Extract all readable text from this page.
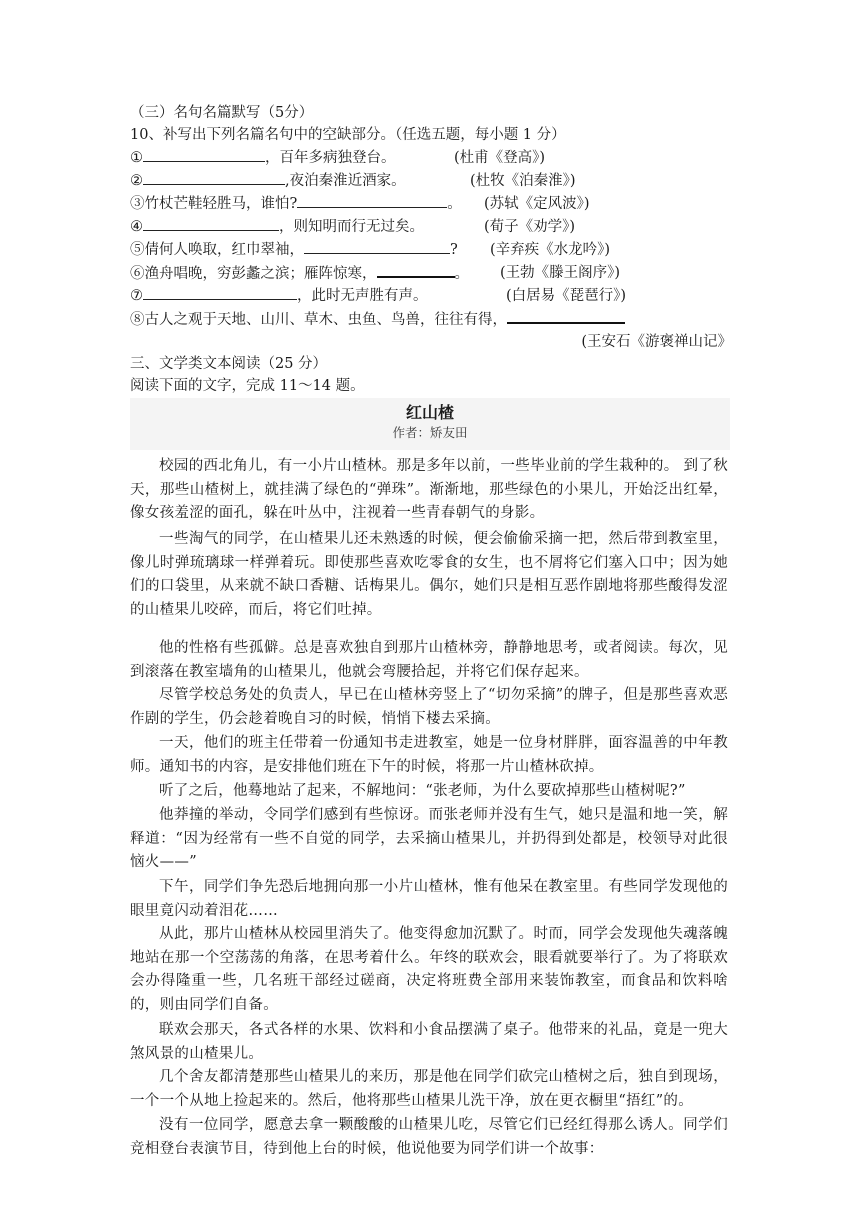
（三）名句名篇默写（5分）
10、补写出下列名篇名句中的空缺部分。（任选五题，每小题 1 分）
①	，百年多病独登台。	(杜甫《登高》)
②	,夜泊秦淮近酒家。	(杜牧《泊秦淮》)
③竹杖芒鞋轻胜马，谁怕?	。 (苏轼《定风波》)
④	，则知明而行无过矣。	(荀子《劝学》)
⑤倩何人唤取，红巾翠袖，	? (辛弃疾《水龙吟》)
⑥渔舟唱晚，穷彭蠡之滨；雁阵惊寒，	。 (王勃《滕王阁序》)
⑦	，此时无声胜有声。	(白居易《琵琶行》)
⑧古人之观于天地、山川、草木、虫鱼、鸟兽，往往有得，
(王安石《游褒禅山记》
三、文学类文本阅读（25 分）
阅读下面的文字，完成 11～14 题。
红山楂
作者：矫友田
校园的西北角儿，有一小片山楂林。那是多年以前，一些毕业前的学生栽种的。 到了秋天，那些山楂树上，就挂满了绿色的“弹珠”。渐渐地，那些绿色的小果儿，开始泛出红晕，像女孩羞涩的面孔，躲在叶丛中，注视着一些青春朝气的身影。
一些淘气的同学，在山楂果儿还未熟透的时候，便会偷偷采摘一把，然后带到教室里，像儿时弹琉璃球一样弹着玩。即使那些喜欢吃零食的女生，也不屑将它们塞入口中；因为她们的口袋里，从来就不缺口香糖、话梅果儿。偶尔，她们只是相互恶作剧地将那些酸得发涩的山楂果儿咬碎，而后，将它们吐掉。
他的性格有些孤僻。总是喜欢独自到那片山楂林旁，静静地思考，或者阅读。每次，见到滚落在教室墙角的山楂果儿，他就会弯腰拾起，并将它们保存起来。
尽管学校总务处的负责人，早已在山楂林旁竖上了“切勿采摘”的牌子，但是那些喜欢恶作剧的学生，仍会趁着晚自习的时候，悄悄下楼去采摘。
一天，他们的班主任带着一份通知书走进教室，她是一位身材胖胖，面容温善的中年教师。通知书的内容，是安排他们班在下午的时候，将那一片山楂林砍掉。
听了之后，他蓦地站了起来，不解地问：“张老师，为什么要砍掉那些山楂树呢?”
他莽撞的举动，令同学们感到有些惊讶。而张老师并没有生气，她只是温和地一笑，解释道：“因为经常有一些不自觉的同学，去采摘山楂果儿，并扔得到处都是，校领导对此很恼火——”
下午，同学们争先恐后地拥向那一小片山楂林，惟有他呆在教室里。有些同学发现他的眼里竟闪动着泪花……
从此，那片山楂林从校园里消失了。他变得愈加沉默了。时而，同学会发现他失魂落魄地站在那一个空荡荡的角落，在思考着什么。年终的联欢会，眼看就要举行了。为了将联欢会办得隆重一些，几名班干部经过磋商，决定将班费全部用来装饰教室，而食品和饮料啥的，则由同学们自备。
联欢会那天，各式各样的水果、饮料和小食品摆满了桌子。他带来的礼品，竟是一兜大煞风景的山楂果儿。
几个舍友都清楚那些山楂果儿的来历，那是他在同学们砍完山楂树之后，独自到现场，一个一个从地上捡起来的。然后，他将那些山楂果儿洗干净，放在更衣橱里“捂红”的。
没有一位同学，愿意去拿一颗酸酸的山楂果儿吃，尽管它们已经红得那么诱人。同学们竞相登台表演节目，待到他上台的时候，他说他要为同学们讲一个故事：
